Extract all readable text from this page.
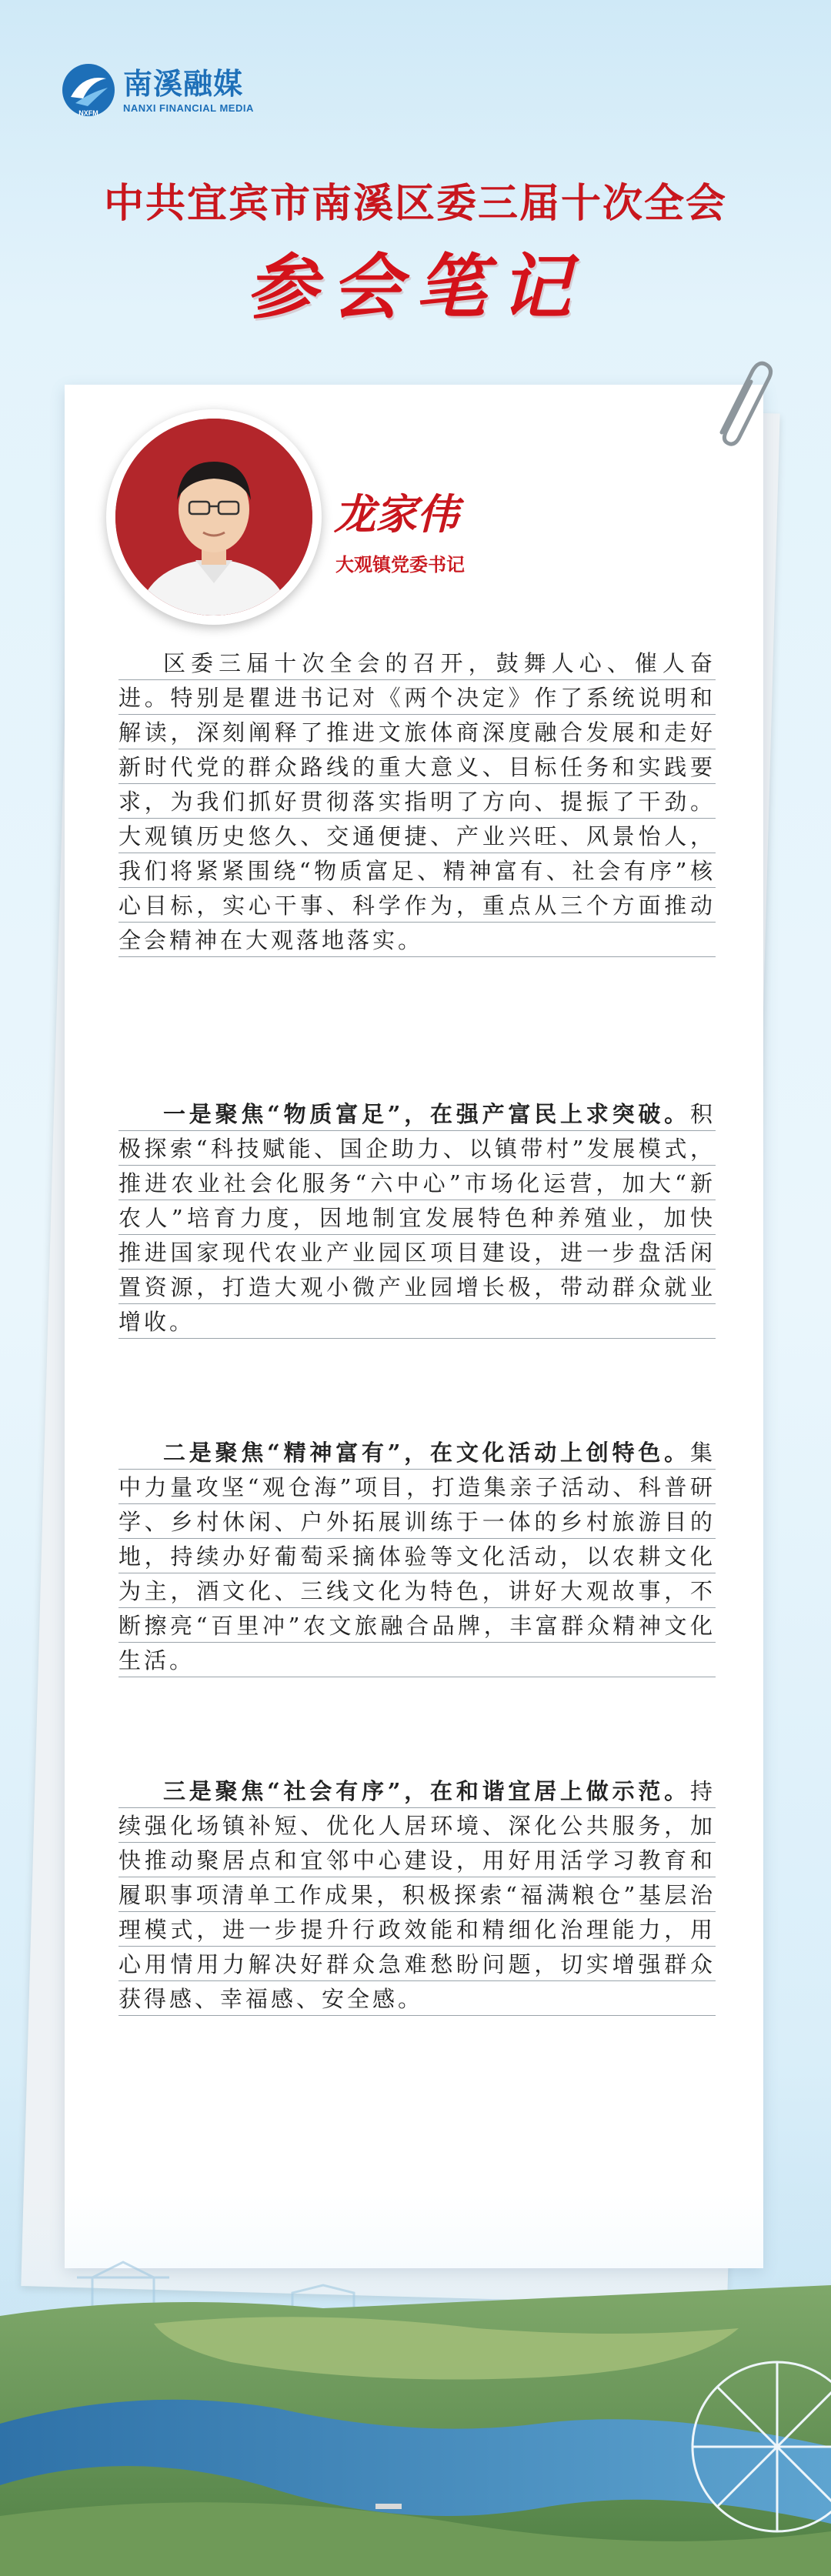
NXFM
南溪融媒
NANXI FINANCIAL MEDIA
中共宜宾市南溪区委三届十次全会
参会笔记
龙家伟
大观镇党委书记
区委三届十次全会的召开，鼓舞人心、催人奋进。特别是瞿进书记对《两个决定》作了系统说明和解读，深刻阐释了推进文旅体商深度融合发展和走好新时代党的群众路线的重大意义、目标任务和实践要求，为我们抓好贯彻落实指明了方向、提振了干劲。大观镇历史悠久、交通便捷、产业兴旺、风景怡人，我们将紧紧围绕“物质富足、精神富有、社会有序”核心目标，实心干事、科学作为，重点从三个方面推动全会精神在大观落地落实。
一是聚焦“物质富足”，在强产富民上求突破。积极探索“科技赋能、国企助力、以镇带村”发展模式，推进农业社会化服务“六中心”市场化运营，加大“新农人”培育力度，因地制宜发展特色种养殖业，加快推进国家现代农业产业园区项目建设，进一步盘活闲置资源，打造大观小微产业园增长极，带动群众就业增收。
二是聚焦“精神富有”，在文化活动上创特色。集中力量攻坚“观仓海”项目，打造集亲子活动、科普研学、乡村休闲、户外拓展训练于一体的乡村旅游目的地，持续办好葡萄采摘体验等文化活动，以农耕文化为主，酒文化、三线文化为特色，讲好大观故事，不断擦亮“百里冲”农文旅融合品牌，丰富群众精神文化生活。
三是聚焦“社会有序”，在和谐宜居上做示范。持续强化场镇补短、优化人居环境、深化公共服务，加快推动聚居点和宜邻中心建设，用好用活学习教育和履职事项清单工作成果，积极探索“福满粮仓”基层治理模式，进一步提升行政效能和精细化治理能力，用心用情用力解决好群众急难愁盼问题，切实增强群众获得感、幸福感、安全感。
